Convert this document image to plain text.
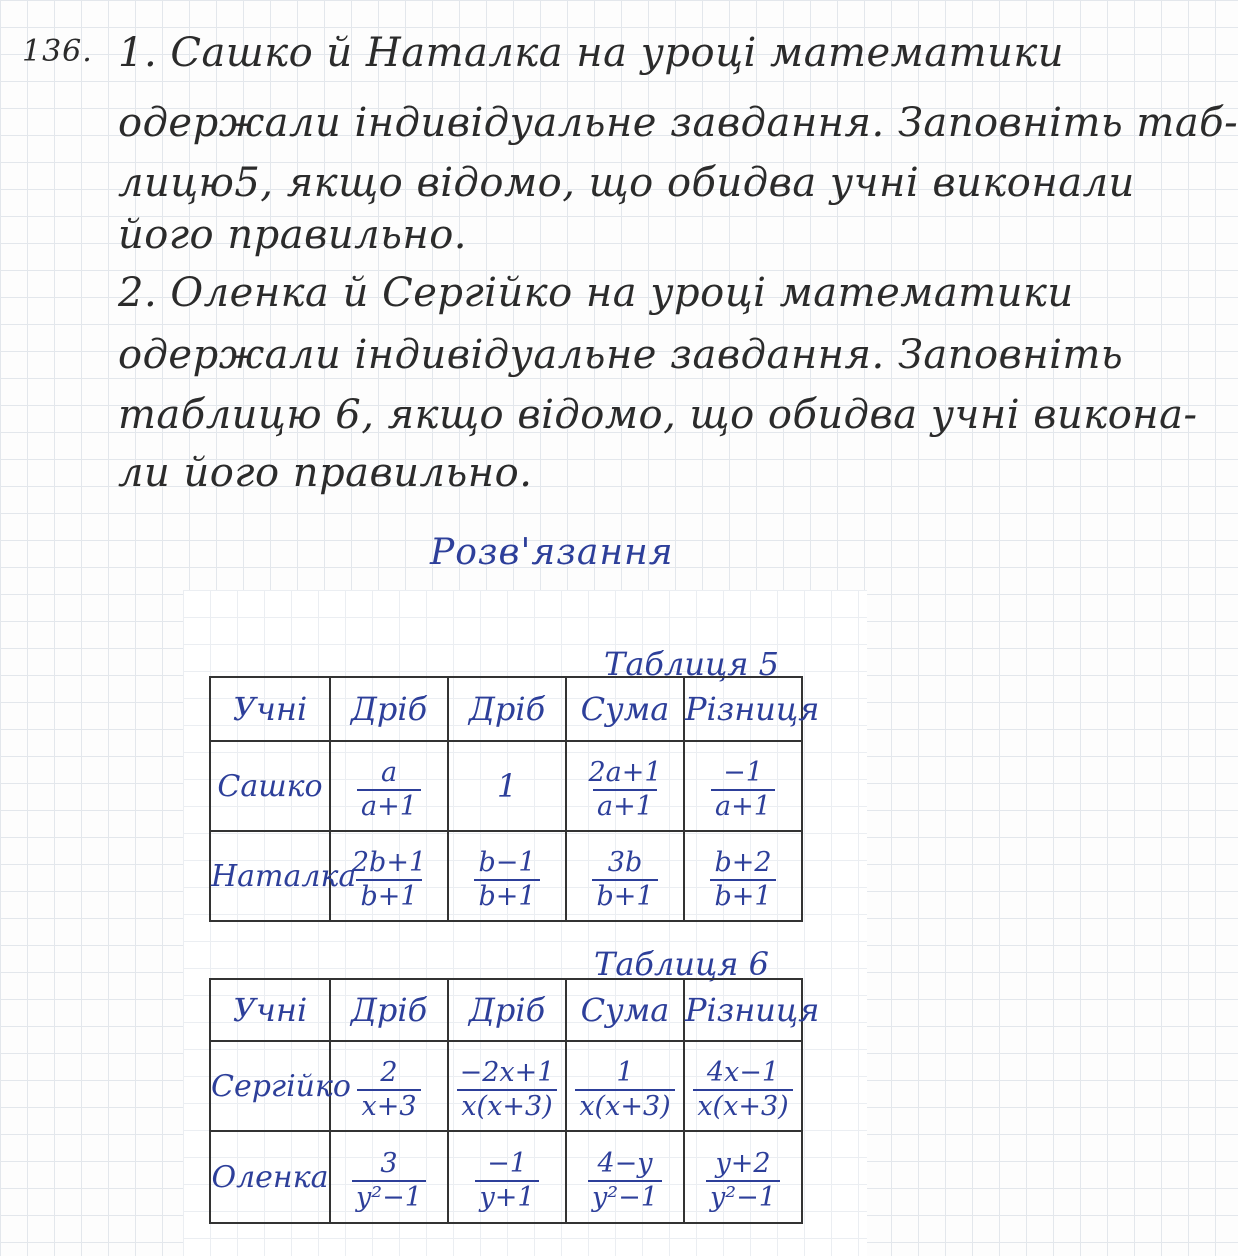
136. 1. Сашко й Наталка на уроці математики
одержали індивідуальне завдання. Заповніть таб-
лицю5, якщо відомо, що обидва учні виконали
його правильно.
2. Оленка й Сергійко на уроці математики
одержали індивідуальне завдання. Заповніть
таблицю 6, якщо відомо, що обидва учні викона-
ли його правильно.
Розв'язання
Таблиця 5
Учні	Дріб	Дріб	Сума	Різниця
Сашко	$\frac{a}{a+1}$	1	$\frac{2a+1}{a+1}$	$\frac{-1}{a+1}$

Наталка	$\frac{2b+1}{b+1}$	$\frac{b-1}{b+1}$	$\frac{3b}{b+1}$	$\frac{b+2}{b+1}$
Таблиця 6
Учні	Дріб	Дріб	Сума	Різниця
Сергійко	$\frac{2}{x+3}$	$\frac{-2x+1}{x(x+3)}$	$\frac{1}{x(x+3)}$	$\frac{4x-1}{x(x+3)}$

Оленка	$\frac{3}{\text{y²−1}}$	$\frac{-1}{y+1}$	$\frac{4-y}{\text{y²−1}}$	$\frac{y+2}{\text{y²−1}}$
